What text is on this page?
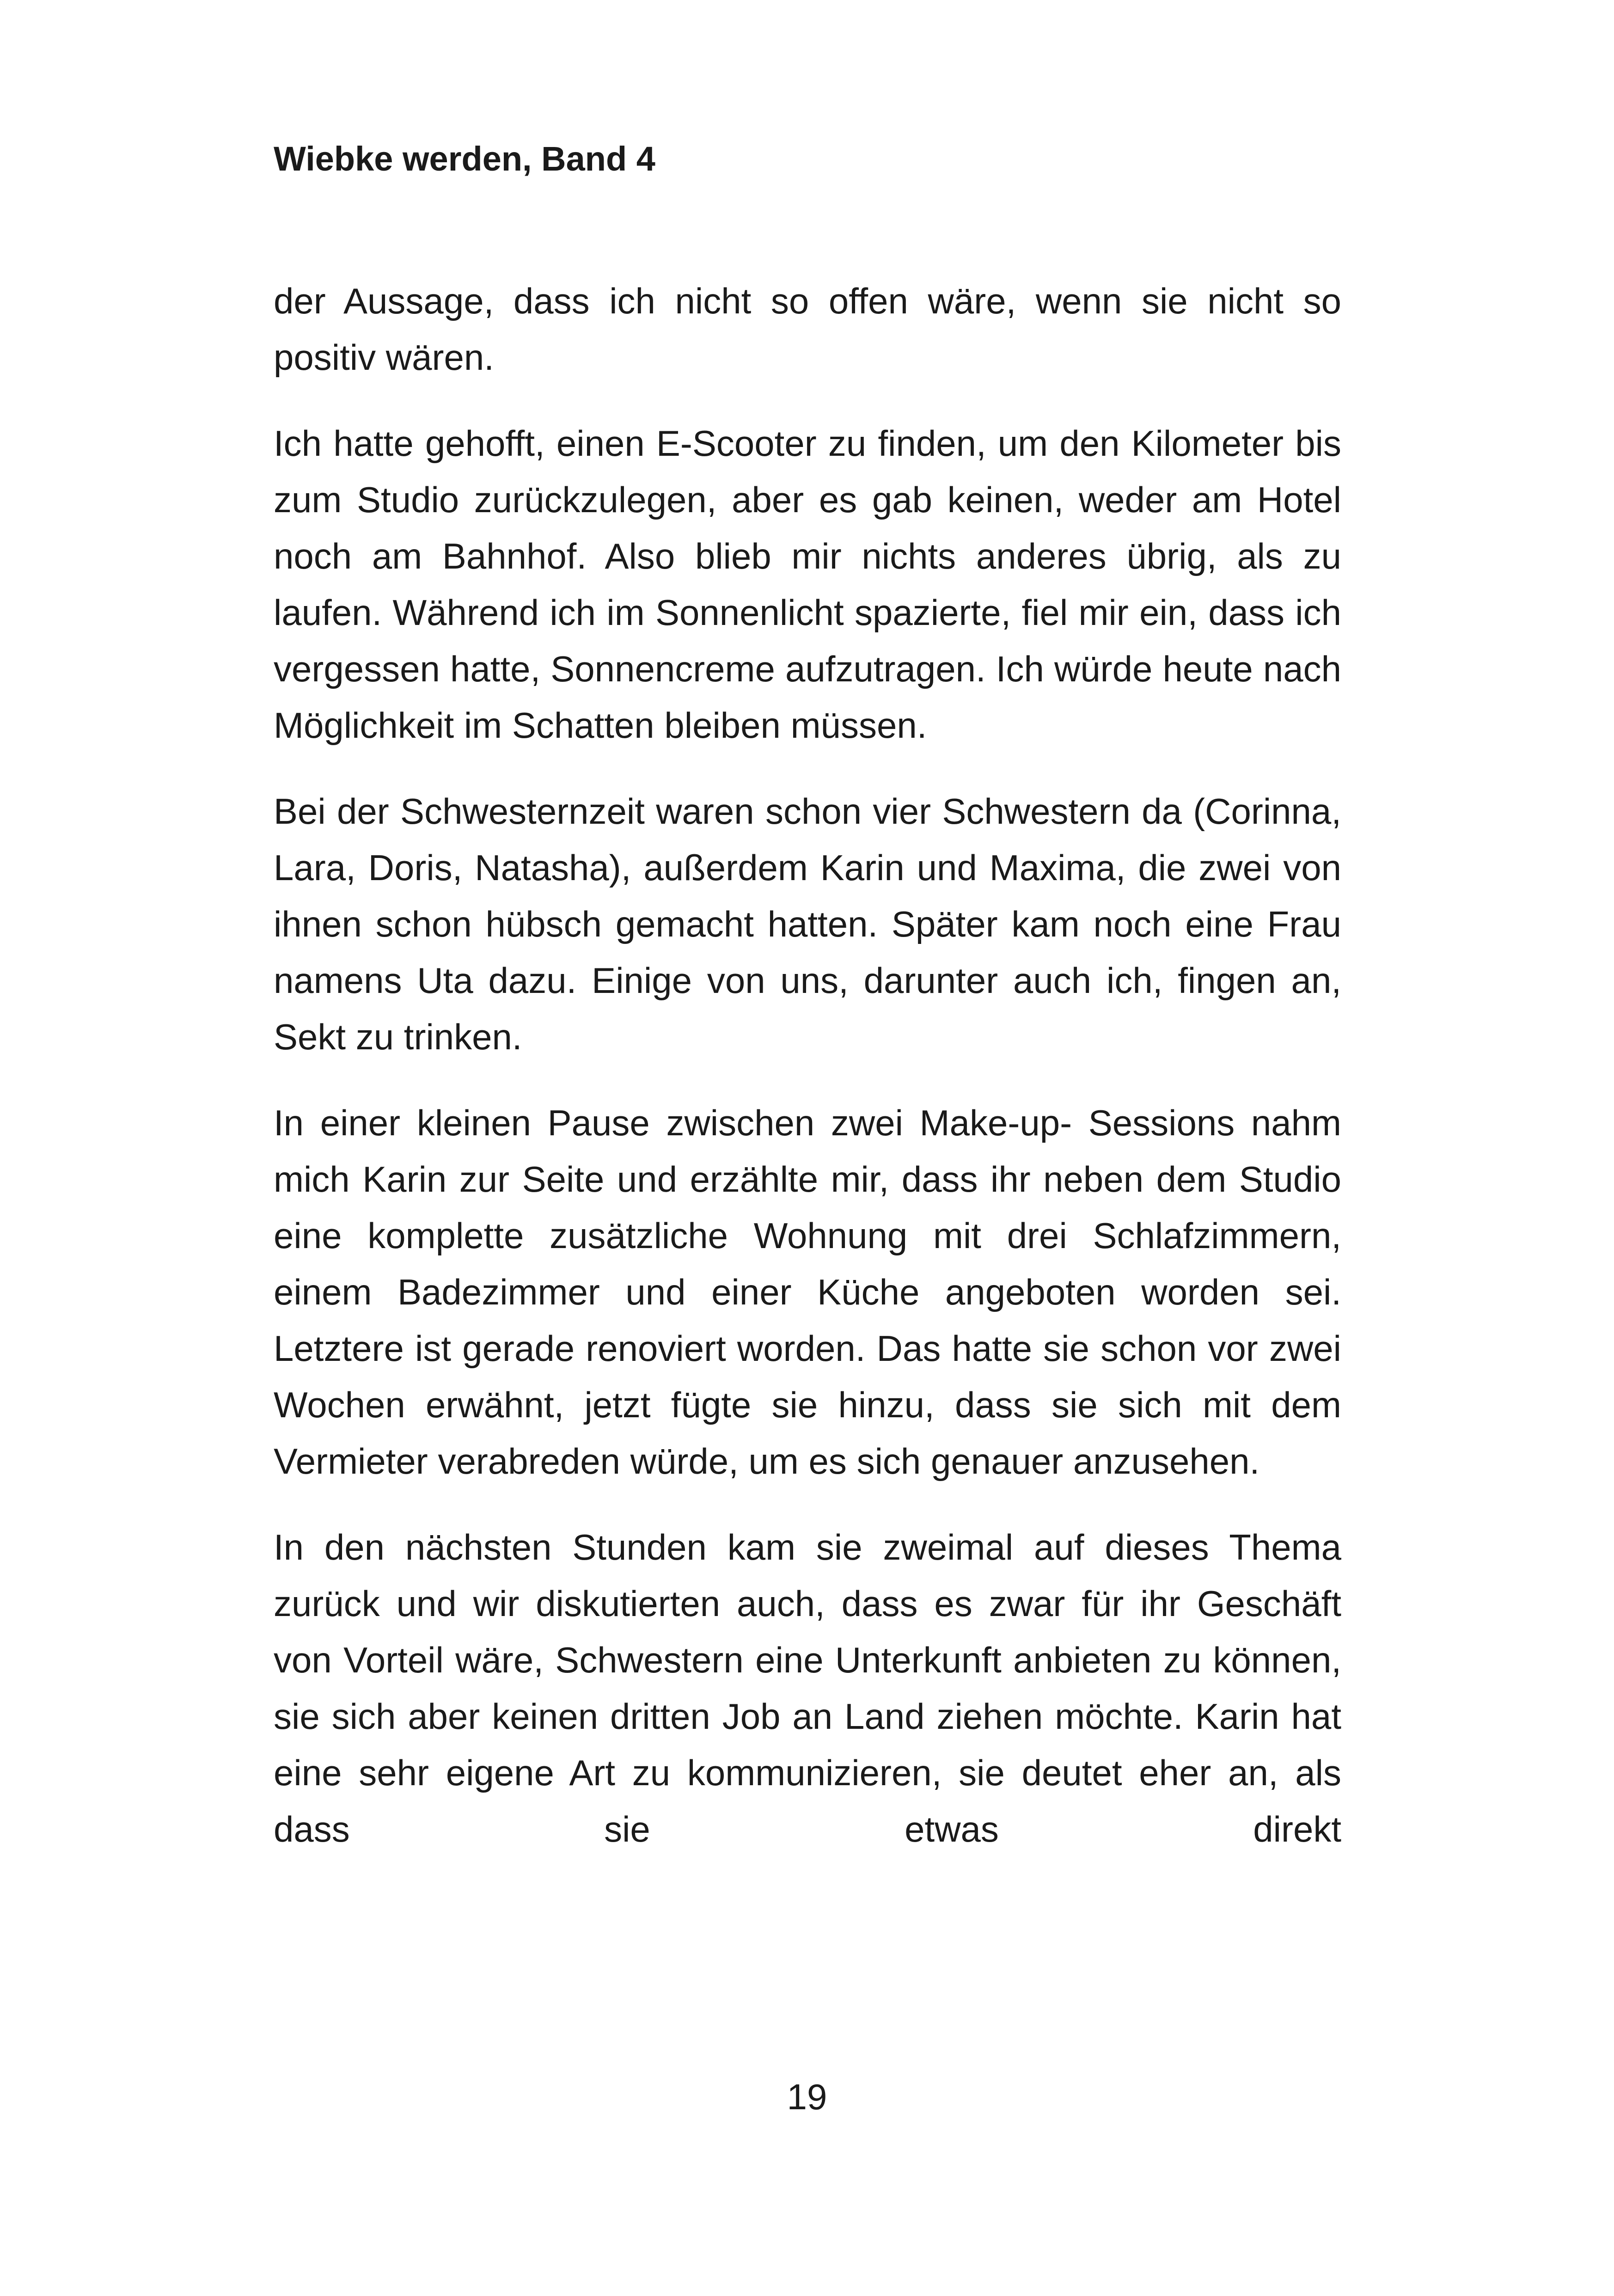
Wiebke werden, Band 4

der Aussage, dass ich nicht so offen wäre, wenn sie nicht so positiv wären.

Ich hatte gehofft, einen E-Scooter zu finden, um den Kilometer bis zum Studio zurückzulegen, aber es gab keinen, weder am Hotel noch am Bahnhof. Also blieb mir nichts anderes übrig, als zu laufen. Während ich im Sonnenlicht spazierte, fiel mir ein, dass ich vergessen hatte, Sonnencreme aufzutragen. Ich würde heute nach Möglichkeit im Schatten bleiben müssen.

Bei der Schwesternzeit waren schon vier Schwestern da (Corinna, Lara, Doris, Natasha), außerdem Karin und Maxima, die zwei von ihnen schon hübsch gemacht hatten. Später kam noch eine Frau namens Uta dazu. Einige von uns, darunter auch ich, fingen an, Sekt zu trinken.

In einer kleinen Pause zwischen zwei Make-up- Sessions nahm mich Karin zur Seite und erzählte mir, dass ihr neben dem Studio eine komplette zusätzliche Wohnung mit drei Schlafzimmern, einem Badezimmer und einer Küche angeboten worden sei. Letztere ist gerade renoviert worden. Das hatte sie schon vor zwei Wochen erwähnt, jetzt fügte sie hinzu, dass sie sich mit dem Vermieter verabreden würde, um es sich genauer anzusehen.

In den nächsten Stunden kam sie zweimal auf dieses Thema zurück und wir diskutierten auch, dass es zwar für ihr Geschäft von Vorteil wäre, Schwestern eine Unterkunft anbieten zu können, sie sich aber keinen dritten Job an Land ziehen möchte. Karin hat eine sehr eigene Art zu kommunizieren, sie deutet eher an, als dass sie etwas direkt

19
